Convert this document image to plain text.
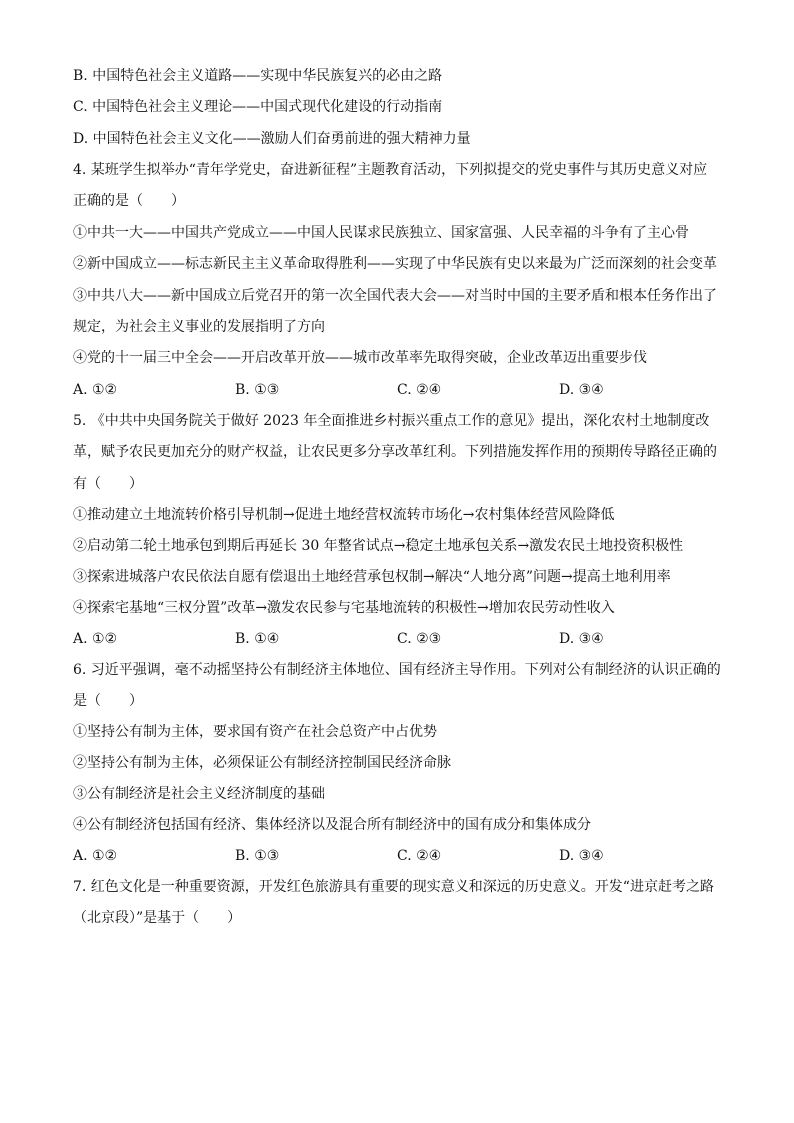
B. 中国特色社会主义道路——实现中华民族复兴的必由之路
C. 中国特色社会主义理论——中国式现代化建设的行动指南
D. 中国特色社会主义文化——激励人们奋勇前进的强大精神力量
4. 某班学生拟举办“青年学党史，奋进新征程”主题教育活动，下列拟提交的党史事件与其历史意义对应
正确的是（　　）
①中共一大——中国共产党成立——中国人民谋求民族独立、国家富强、人民幸福的斗争有了主心骨
②新中国成立——标志新民主主义革命取得胜利——实现了中华民族有史以来最为广泛而深刻的社会变革
③中共八大——新中国成立后党召开的第一次全国代表大会——对当时中国的主要矛盾和根本任务作出了
规定，为社会主义事业的发展指明了方向
④党的十一届三中全会——开启改革开放——城市改革率先取得突破，企业改革迈出重要步伐
A. ①②	B. ①③	C. ②④	D. ③④
5. 《中共中央国务院关于做好 2023 年全面推进乡村振兴重点工作的意见》提出，深化农村土地制度改
革，赋予农民更加充分的财产权益，让农民更多分享改革红利。下列措施发挥作用的预期传导路径正确的
有（　　）
①推动建立土地流转价格引导机制→促进土地经营权流转市场化→农村集体经营风险降低
②启动第二轮土地承包到期后再延长 30 年整省试点→稳定土地承包关系→激发农民土地投资积极性
③探索进城落户农民依法自愿有偿退出土地经营承包权制→解决“人地分离”问题→提高土地利用率
④探索宅基地“三权分置”改革→激发农民参与宅基地流转的积极性→增加农民劳动性收入
A. ①②	B. ①④	C. ②③	D. ③④
6. 习近平强调，毫不动摇坚持公有制经济主体地位、国有经济主导作用。下列对公有制经济的认识正确的
是（　　）
①坚持公有制为主体，要求国有资产在社会总资产中占优势
②坚持公有制为主体，必须保证公有制经济控制国民经济命脉
③公有制经济是社会主义经济制度的基础
④公有制经济包括国有经济、集体经济以及混合所有制经济中的国有成分和集体成分
A. ①②	B. ①③	C. ②④	D. ③④
7. 红色文化是一种重要资源，开发红色旅游具有重要的现实意义和深远的历史意义。开发“进京赶考之路
（北京段）”是基于（　　）
